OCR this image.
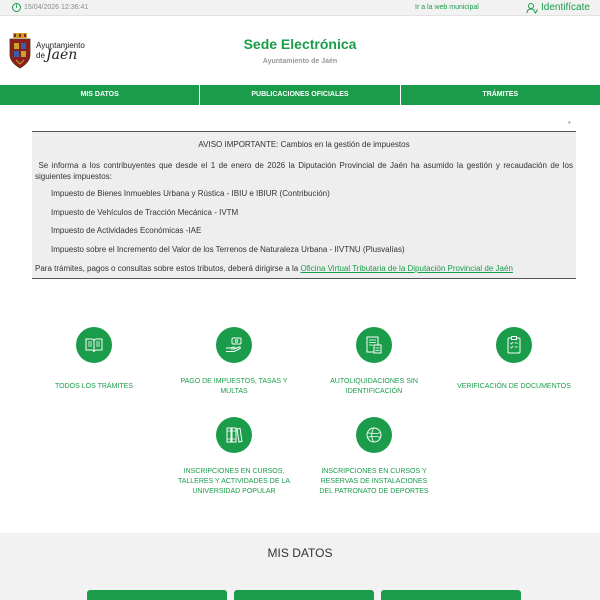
i 15/04/2026 12:36:41	Ir a la web municipal	Identifícate
Ayuntamiento
de Jaén
Sede Electrónica
Ayuntamiento de Jaén
MIS DATOS	PUBLICACIONES OFICIALES	TRÁMITES
*
AVISO IMPORTANTE: Cambios en la gestión de impuestos
Se informa a los contribuyentes que desde el 1 de enero de 2026 la Diputación Provincial de Jaén ha asumido la gestión y recaudación de los siguientes impuestos:
Impuesto de Bienes Inmuebles Urbana y Rústica - IBIU e IBIUR (Contribución)
Impuesto de Vehículos de Tracción Mecánica - IVTM
Impuesto de Actividades Económicas -IAE
Impuesto sobre el Incremento del Valor de los Terrenos de Naturaleza Urbana - IIVTNU (Plusvalías)
Para trámites, pagos o consultas sobre estos tributos, deberá dirigirse a la Oficina Virtual Tributaria de la Diputación Provincial de Jaén
TODOS LOS TRÁMITES
PAGO DE IMPUESTOS, TASAS Y MULTAS
AUTOLIQUIDACIONES SIN IDENTIFICACIÓN
VERIFICACIÓN DE DOCUMENTOS
INSCRIPCIONES EN CURSOS, TALLERES Y ACTIVIDADES DE LA UNIVERSIDAD POPULAR
INSCRIPCIONES EN CURSOS Y RESERVAS DE INSTALACIONES DEL PATRONATO DE DEPORTES
MIS DATOS
